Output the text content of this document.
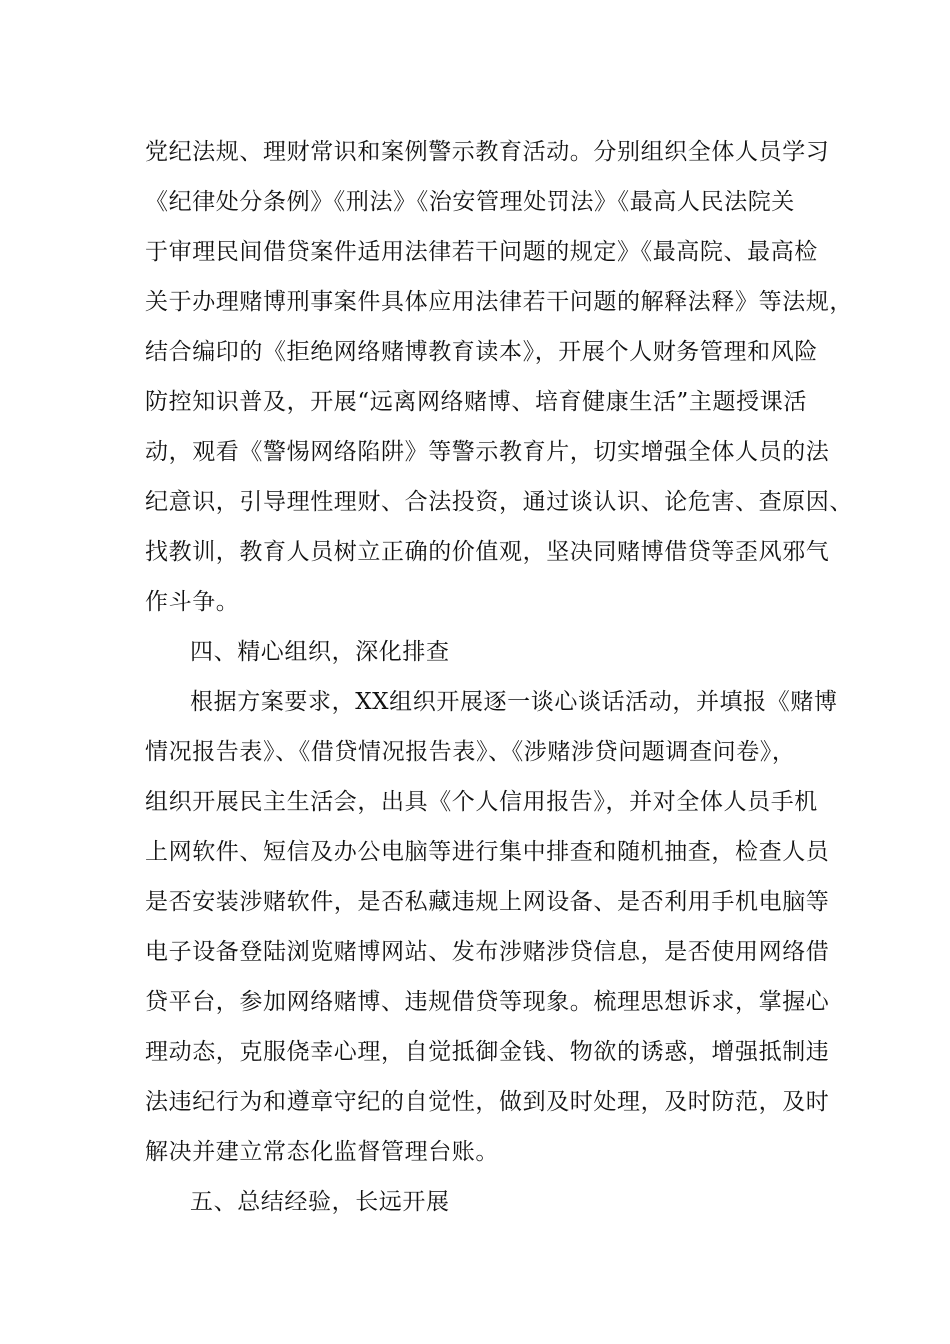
党纪法规、理财常识和案例警示教育活动。分别组织全体人员学习
《纪律处分条例》《刑法》《治安管理处罚法》《最高人民法院关
于审理民间借贷案件适用法律若干问题的规定》《最高院、最高检
关于办理赌博刑事案件具体应用法律若干问题的解释法释》等法规，
结合编印的《拒绝网络赌博教育读本》，开展个人财务管理和风险
防控知识普及，开展“远离网络赌博、培育健康生活”主题授课活
动，观看《警惕网络陷阱》等警示教育片，切实增强全体人员的法
纪意识，引导理性理财、合法投资，通过谈认识、论危害、查原因、
找教训，教育人员树立正确的价值观，坚决同赌博借贷等歪风邪气
作斗争。
四、精心组织，深化排查
根据方案要求，XX组织开展逐一谈心谈话活动，并填报《赌博
情况报告表》、《借贷情况报告表》、《涉赌涉贷问题调查问卷》，
组织开展民主生活会，出具《个人信用报告》，并对全体人员手机
上网软件、短信及办公电脑等进行集中排查和随机抽查，检查人员
是否安装涉赌软件，是否私藏违规上网设备、是否利用手机电脑等
电子设备登陆浏览赌博网站、发布涉赌涉贷信息，是否使用网络借
贷平台，参加网络赌博、违规借贷等现象。梳理思想诉求，掌握心
理动态，克服侥幸心理，自觉抵御金钱、物欲的诱惑，增强抵制违
法违纪行为和遵章守纪的自觉性，做到及时处理，及时防范，及时
解决并建立常态化监督管理台账。
五、总结经验，长远开展
